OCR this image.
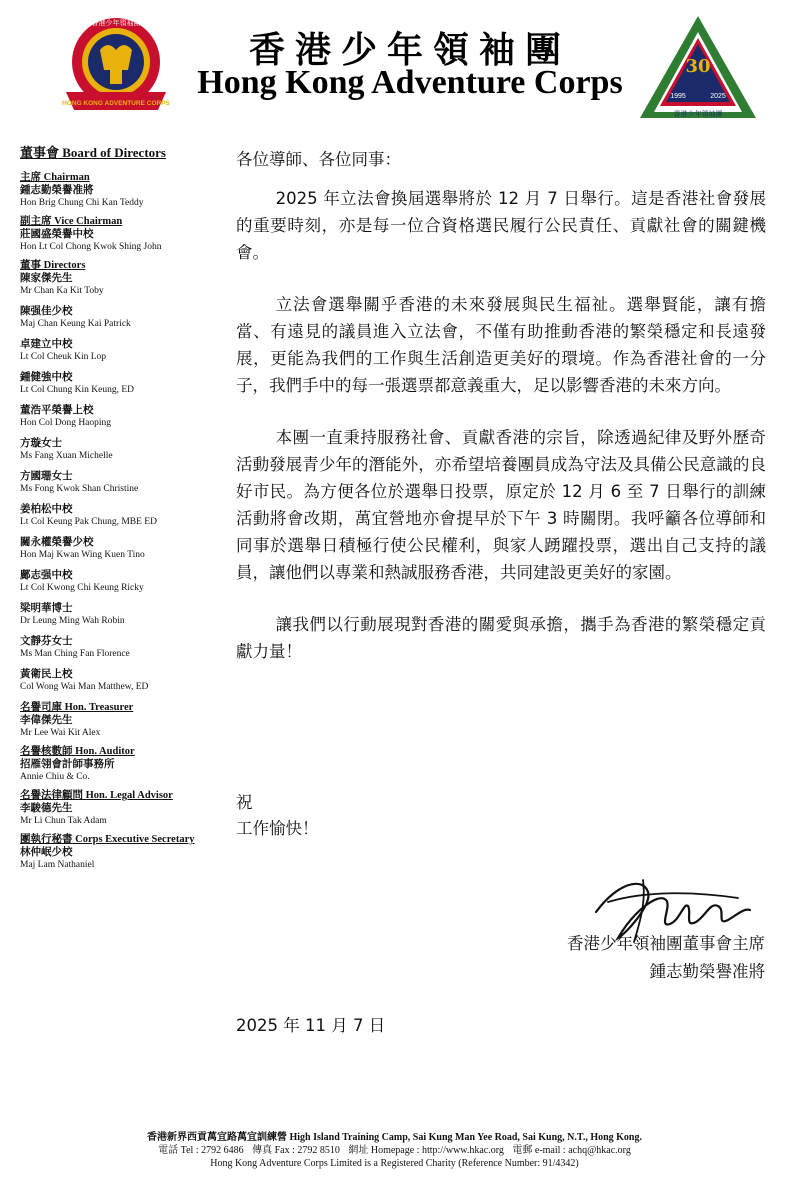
HONG KONG ADVENTURE CORPS
香港少年領袖團
香港少年領袖團
Hong Kong Adventure Corps	30
1995	2025
香港少年領袖團
董事會 Board of Directors
主席 Chairman
鍾志勤榮譽准將
Hon Brig Chung Chi Kan Teddy
副主席 Vice Chairman
莊國盛榮譽中校
Hon Lt Col Chong Kwok Shing John
董事 Directors
陳家傑先生
Mr Chan Ka Kit Toby
陳强佳少校
Maj Chan Keung Kai Patrick
卓建立中校
Lt Col Cheuk Kin Lop
鍾健強中校
Lt Col Chung Kin Keung, ED
董浩平榮譽上校
Hon Col Dong Haoping
方璇女士
Ms Fang Xuan Michelle
方國珊女士
Ms Fong Kwok Shan Christine
姜柏松中校
Lt Col Keung Pak Chung, MBE ED
關永權榮譽少校
Hon Maj Kwan Wing Kuen Tino
鄺志强中校
Lt Col Kwong Chi Keung Ricky
梁明華博士
Dr Leung Ming Wah Robin
文靜芬女士
Ms Man Ching Fan Florence
黃衛民上校
Col Wong Wai Man Matthew, ED
名譽司庫 Hon. Treasurer
李偉傑先生
Mr Lee Wai Kit Alex
名譽核數師 Hon. Auditor
招雁翎會計師事務所
Annie Chiu & Co.
名譽法律顧問 Hon. Legal Advisor
李駿德先生
Mr Li Chun Tak Adam
團執行秘書 Corps Executive Secretary
林仲岷少校
Maj Lam Nathaniel

各位導師、各位同事：

2025 年立法會換屆選舉將於 12 月 7 日舉行。這是香港社會發展的重要時刻，亦是每一位合資格選民履行公民責任、貢獻社會的關鍵機會。

立法會選舉關乎香港的未來發展與民生福祉。選舉賢能，讓有擔當、有遠見的議員進入立法會，不僅有助推動香港的繁榮穩定和長遠發展，更能為我們的工作與生活創造更美好的環境。作為香港社會的一分子，我們手中的每一張選票都意義重大，足以影響香港的未來方向。

本團一直秉持服務社會、貢獻香港的宗旨，除透過紀律及野外歷奇活動發展青少年的潛能外，亦希望培養團員成為守法及具備公民意識的良好市民。為方便各位於選舉日投票，原定於 12 月 6 至 7 日舉行的訓練活動將會改期，萬宜營地亦會提早於下午 3 時關閉。我呼籲各位導師和同事於選舉日積極行使公民權利，與家人踴躍投票，選出自己支持的議員，讓他們以專業和熱誠服務香港，共同建設更美好的家園。

讓我們以行動展現對香港的關愛與承擔，攜手為香港的繁榮穩定貢獻力量！

祝
工作愉快！
香港少年領袖團董事會主席
鍾志勤榮譽准將
2025 年 11 月 7 日
香港新界西貢萬宜路萬宜訓練營 High Island Training Camp, Sai Kung Man Yee Road, Sai Kung, N.T., Hong Kong.
電話 Tel : 2792 6486 傳真 Fax : 2792 8510 網址 Homepage : http://www.hkac.org 電郵 e-mail : achq@hkac.org
Hong Kong Adventure Corps Limited is a Registered Charity (Reference Number: 91/4342)
